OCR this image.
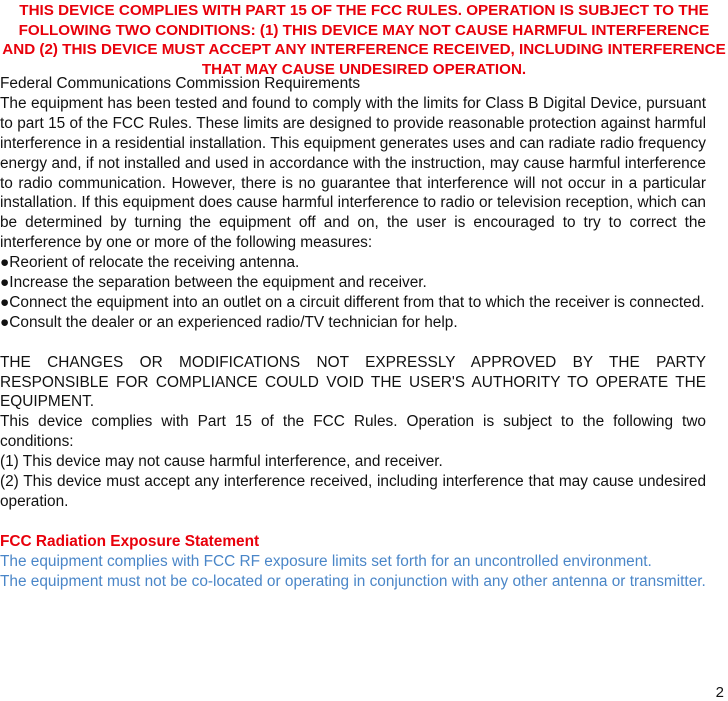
THIS DEVICE COMPLIES WITH PART 15 OF THE FCC RULES. OPERATION IS SUBJECT TO THE FOLLOWING TWO CONDITIONS: (1) THIS DEVICE MAY NOT CAUSE HARMFUL INTERFERENCE AND (2) THIS DEVICE MUST ACCEPT ANY INTERFERENCE RECEIVED, INCLUDING INTERFERENCE THAT MAY CAUSE UNDESIRED OPERATION.

Federal Communications Commission Requirements

The equipment has been tested and found to comply with the limits for Class B Digital Device, pursuant to part 15 of the FCC Rules. These limits are designed to provide reasonable protection against harmful interference in a residential installation. This equipment generates uses and can radiate radio frequency energy and, if not installed and used in accordance with the instruction, may cause harmful interference to radio communication. However, there is no guarantee that interference will not occur in a particular installation. If this equipment does cause harmful interference to radio or television reception, which can be determined by turning the equipment off and on, the user is encouraged to try to correct the interference by one or more of the following measures:

●Reorient of relocate the receiving antenna.

●Increase the separation between the equipment and receiver.

●Connect the equipment into an outlet on a circuit different from that to which the receiver is connected.

●Consult the dealer or an experienced radio/TV technician for help.

THE CHANGES OR MODIFICATIONS NOT EXPRESSLY APPROVED BY THE PARTY RESPONSIBLE FOR COMPLIANCE COULD VOID THE USER'S AUTHORITY TO OPERATE THE EQUIPMENT.

This device complies with Part 15 of the FCC Rules. Operation is subject to the following two conditions:

(1) This device may not cause harmful interference, and receiver.

(2) This device must accept any interference received, including interference that may cause undesired operation.

FCC Radiation Exposure Statement

The equipment complies with FCC RF exposure limits set forth for an uncontrolled environment.

The equipment must not be co-located or operating in conjunction with any other antenna or transmitter.

2
